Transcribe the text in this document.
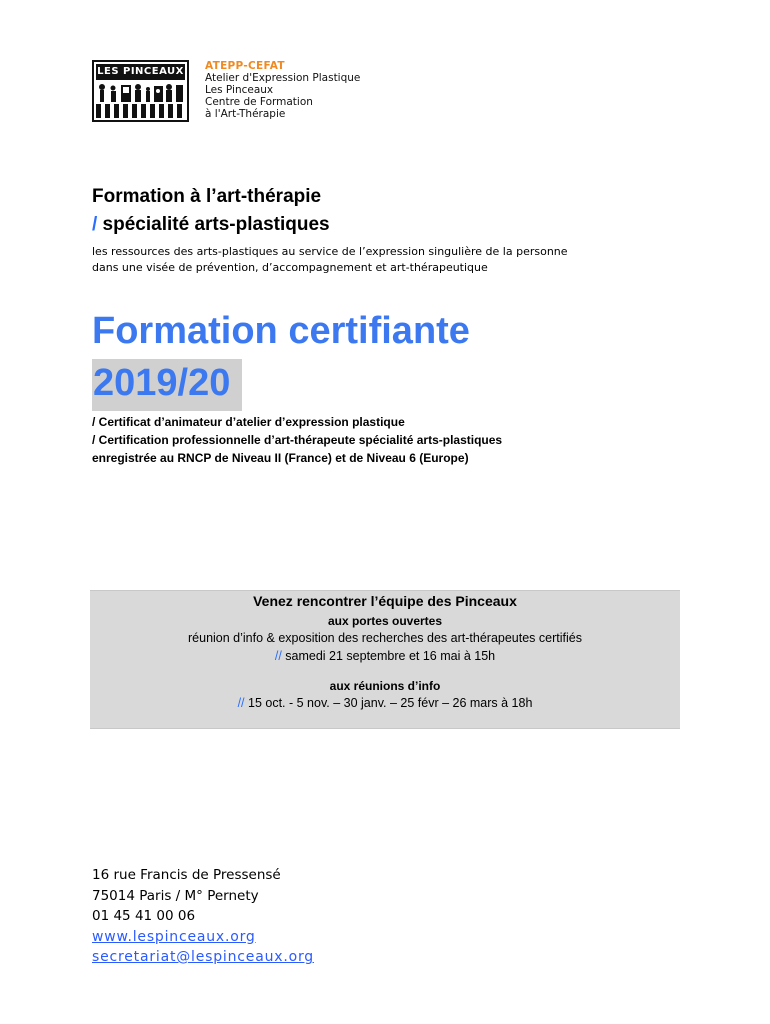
LES PINCEAUX ATEPP-CEFAT
Atelier d'Expression Plastique
Les Pinceaux
Centre de Formation
à l'Art-Thérapie
Formation à l’art-thérapie
/ spécialité arts-plastiques
les ressources des arts-plastiques au service de l’expression singulière de la personne
dans une visée de prévention, d’accompagnement et art-thérapeutique
Formation certifiante
2019/20
/ Certificat d’animateur d’atelier d’expression plastique
/ Certification professionnelle d’art-thérapeute spécialité arts-plastiques
enregistrée au RNCP de Niveau II (France) et de Niveau 6 (Europe)
Venez rencontrer l’équipe des Pinceaux
aux portes ouvertes
réunion d’info & exposition des recherches des art-thérapeutes certifiés
// samedi 21 septembre et 16 mai à 15h
aux réunions d’info
// 15 oct. - 5 nov. – 30 janv. – 25 févr – 26 mars à 18h
16 rue Francis de Pressensé
75014 Paris / M° Pernety
01 45 41 00 06
www.lespinceaux.org
secretariat@lespinceaux.org
